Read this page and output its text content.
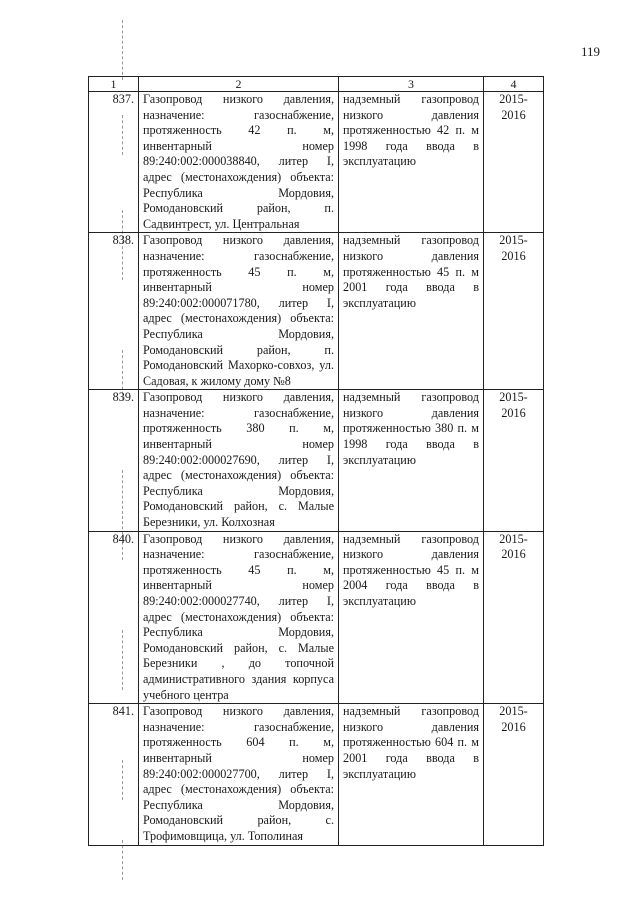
119
1	2	3	4
837.	Газопровод низкого давления, назначение: газоснабжение, протяженность 42 п. м, инвентарный номер 89:240:002:000038840, литер I, адрес (местонахождения) объекта: Республика Мордовия, Ромодановский район, п. Садвинтрест, ул. Центральная	надземный газопровод низкого давления протяженностью 42 п. м 1998 года ввода в эксплуатацию	2015-2016
838.	Газопровод низкого давления, назначение: газоснабжение, протяженность 45 п. м, инвентарный номер 89:240:002:000071780, литер I, адрес (местонахождения) объекта: Республика Мордовия, Ромодановский район, п. Ромодановский Махорко-совхоз, ул. Садовая, к жилому дому №8	надземный газопровод низкого давления протяженностью 45 п. м 2001 года ввода в эксплуатацию	2015-2016
839.	Газопровод низкого давления, назначение: газоснабжение, протяженность 380 п. м, инвентарный номер 89:240:002:000027690, литер I, адрес (местонахождения) объекта: Республика Мордовия, Ромодановский район, с. Малые Березники, ул. Колхозная	надземный газопровод низкого давления протяженностью 380 п. м 1998 года ввода в эксплуатацию	2015-2016
840.	Газопровод низкого давления, назначение: газоснабжение, протяженность 45 п. м, инвентарный номер 89:240:002:000027740, литер I, адрес (местонахождения) объекта: Республика Мордовия, Ромодановский район, с. Малые Березники , до топочной административного здания корпуса учебного центра	надземный газопровод низкого давления протяженностью 45 п. м 2004 года ввода в эксплуатацию	2015-2016
841.	Газопровод низкого давления, назначение: газоснабжение, протяженность 604 п. м, инвентарный номер 89:240:002:000027700, литер I, адрес (местонахождения) объекта: Республика Мордовия, Ромодановский район, с. Трофимовщица, ул. Тополиная	надземный газопровод низкого давления протяженностью 604 п. м 2001 года ввода в эксплуатацию	2015-2016
